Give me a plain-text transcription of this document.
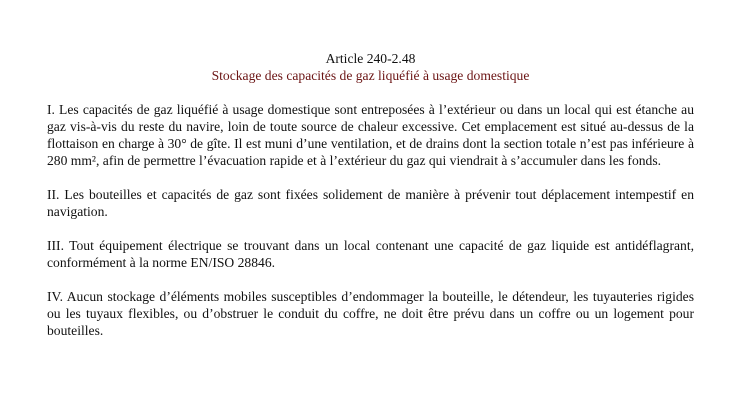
Article 240-2.48
Stockage des capacités de gaz liquéfié à usage domestique

I. Les capacités de gaz liquéfié à usage domestique sont entreposées à l’extérieur ou dans un local qui est étanche au gaz vis-à-vis du reste du navire, loin de toute source de chaleur excessive. Cet emplacement est situé au-dessus de la flottaison en charge à 30° de gîte. Il est muni d’une ventilation, et de drains dont la section totale n’est pas inférieure à 280 mm², afin de permettre l’évacuation rapide et à l’extérieur du gaz qui viendrait à s’accumuler dans les fonds.

II. Les bouteilles et capacités de gaz sont fixées solidement de manière à prévenir tout déplacement intempestif en navigation.

III. Tout équipement électrique se trouvant dans un local contenant une capacité de gaz liquide est antidéflagrant, conformément à la norme EN/ISO 28846.

IV. Aucun stockage d’éléments mobiles susceptibles d’endommager la bouteille, le détendeur, les tuyauteries rigides ou les tuyaux flexibles, ou d’obstruer le conduit du coffre, ne doit être prévu dans un coffre ou un logement pour bouteilles.
